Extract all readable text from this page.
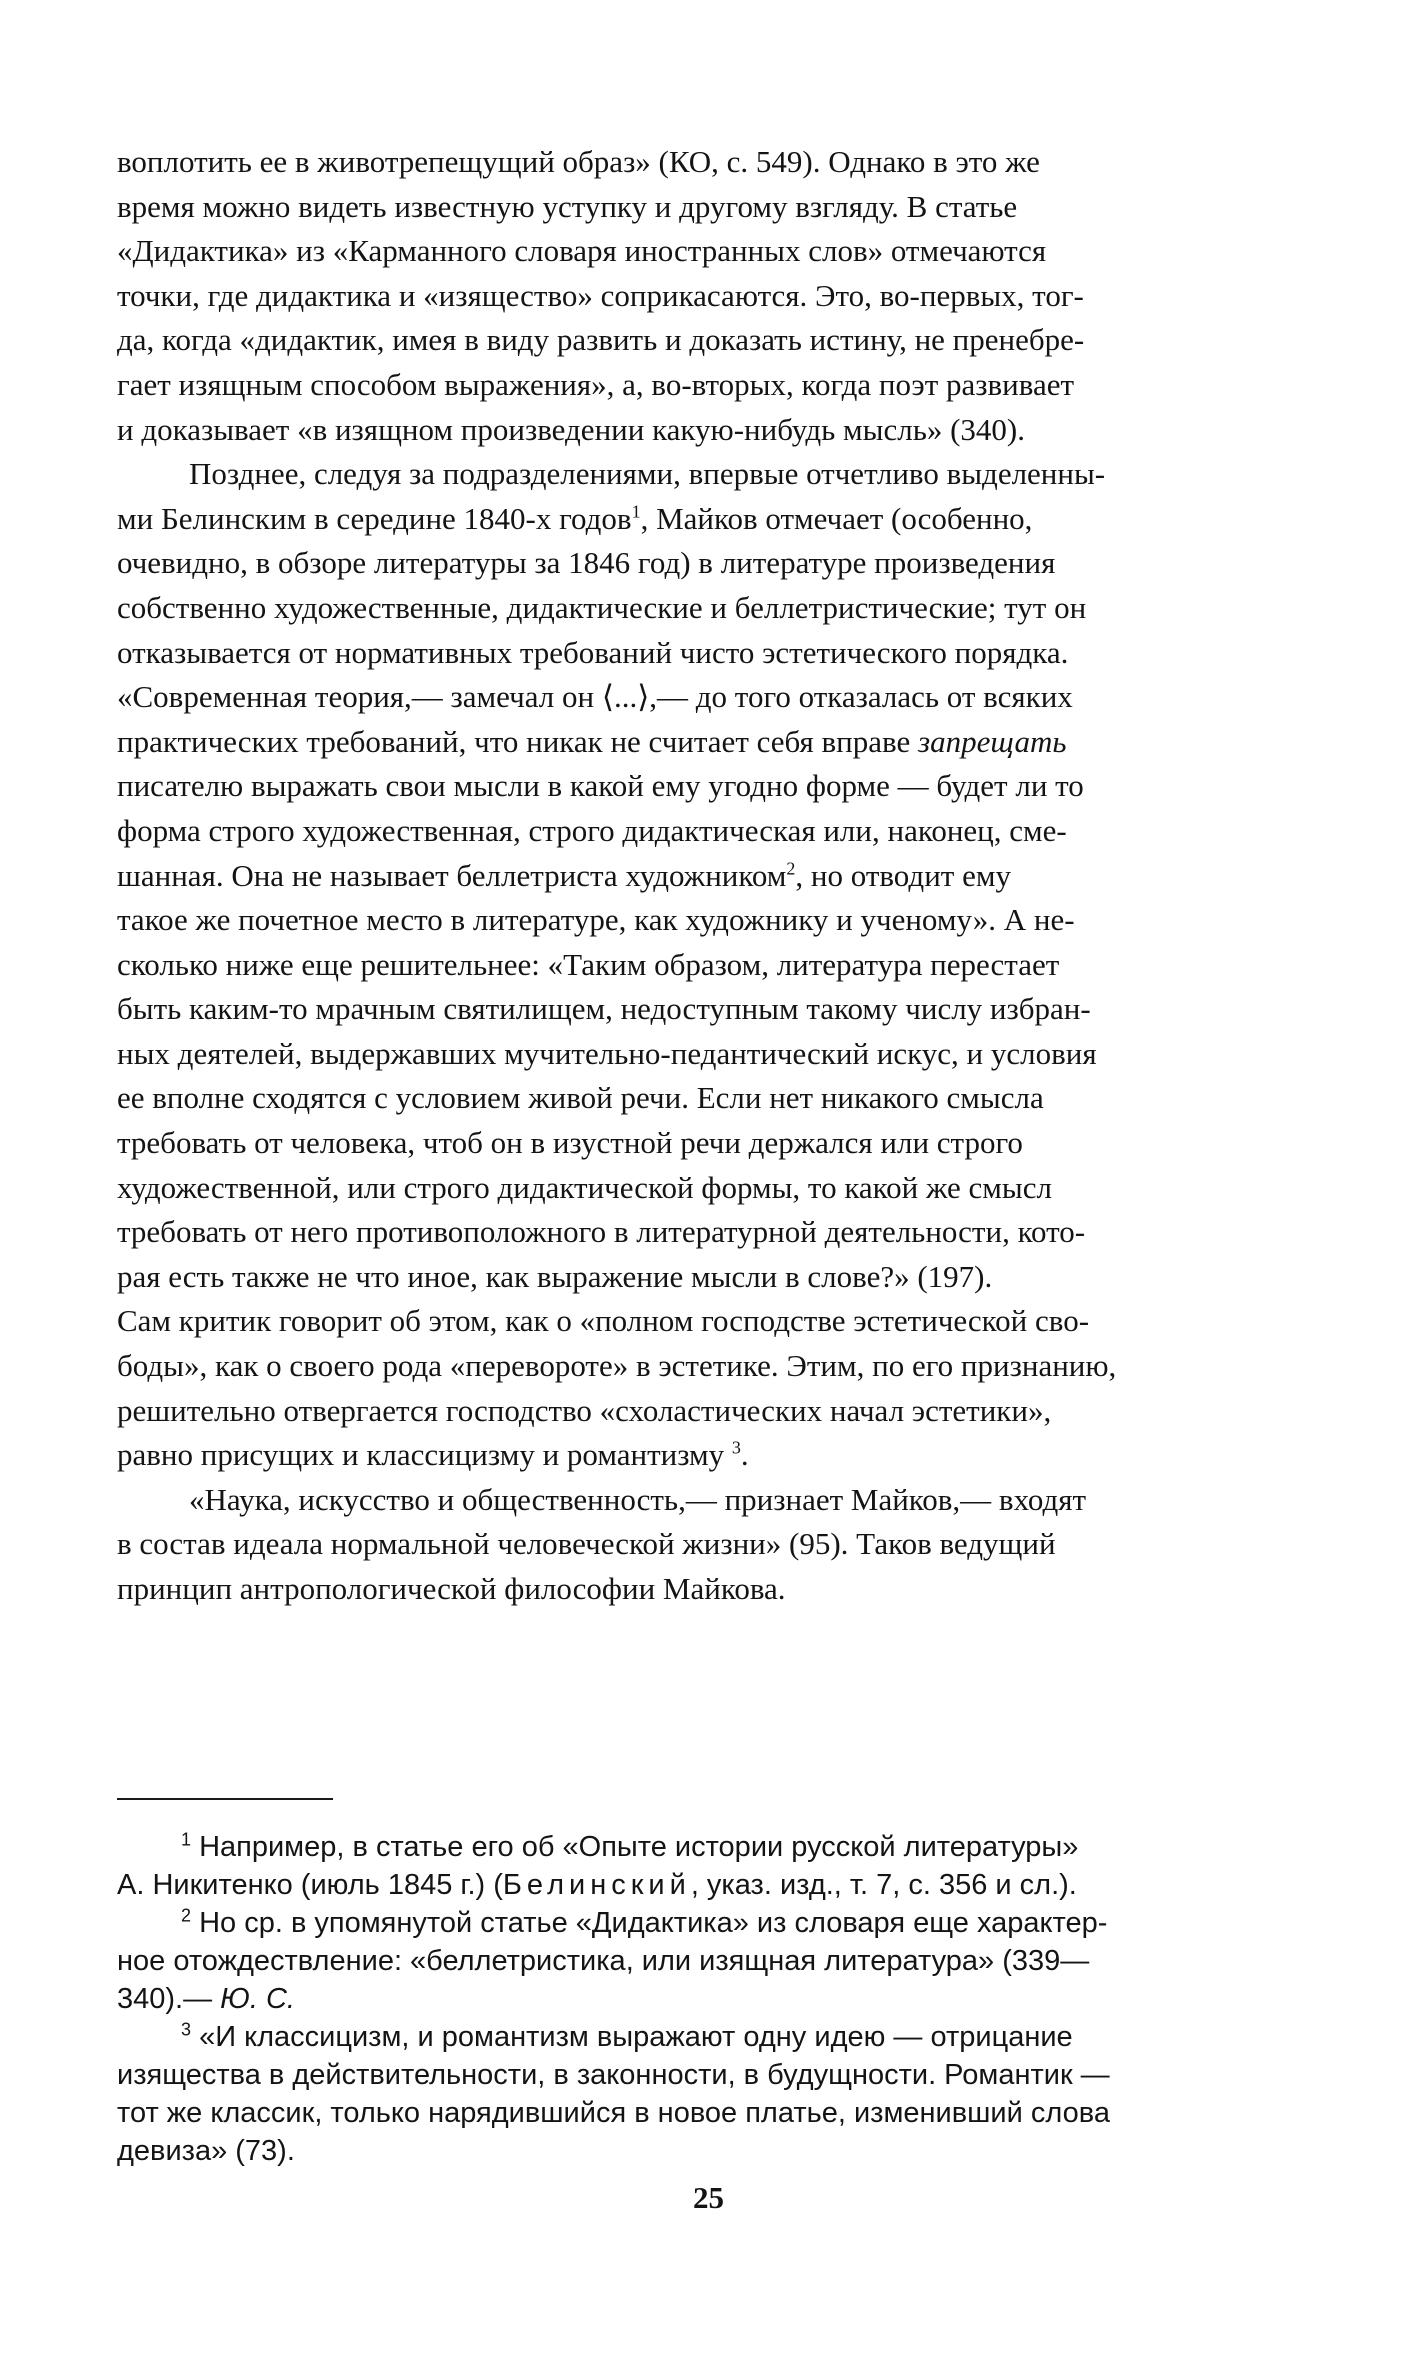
воплотить ее в животрепещущий образ» (КО, с. 549). Однако в это же
время можно видеть известную уступку и другому взгляду. В статье
«Дидактика» из «Карманного словаря иностранных слов» отмечаются
точки, где дидактика и «изящество» соприкасаются. Это, во-первых, тог-
да, когда «дидактик, имея в виду развить и доказать истину, не пренебре-
гает изящным способом выражения», а, во-вторых, когда поэт развивает
и доказывает «в изящном произведении какую-нибудь мысль» (340).

Позднее, следуя за подразделениями, впервые отчетливо выделенны-
ми Белинским в середине 1840-х годов$^1$, Майков отмечает (особенно,
очевидно, в обзоре литературы за 1846 год) в литературе произведения
собственно художественные, дидактические и беллетристические; тут он
отказывается от нормативных требований чисто эстетического порядка.
«Современная теория,— замечал он ⟨...⟩,— до того отказалась от всяких
практических требований, что никак не считает себя вправе запрещать
писателю выражать свои мысли в какой ему угодно форме — будет ли то
форма строго художественная, строго дидактическая или, наконец, сме-
шанная. Она не называет беллетриста художником$^2$, но отводит ему
такое же почетное место в литературе, как художнику и ученому». А не-
сколько ниже еще решительнее: «Таким образом, литература перестает
быть каким-то мрачным святилищем, недоступным такому числу избран-
ных деятелей, выдержавших мучительно-педантический искус, и условия
ее вполне сходятся с условием живой речи. Если нет никакого смысла
требовать от человека, чтоб он в изустной речи держался или строго
художественной, или строго дидактической формы, то какой же смысл
требовать от него противоположного в литературной деятельности, кото-
рая есть также не что иное, как выражение мысли в слове?» (197).
Сам критик говорит об этом, как о «полном господстве эстетической сво-
боды», как о своего рода «перевороте» в эстетике. Этим, по его признанию,
решительно отвергается господство «схоластических начал эстетики»,
равно присущих и классицизму и романтизму $^3$.

«Наука, искусство и общественность,— признает Майков,— входят
в состав идеала нормальной человеческой жизни» (95). Таков ведущий
принцип антропологической философии Майкова.

$^1$ Например, в статье его об «Опыте истории русской литературы»
А. Никитенко (июль 1845 г.) (Белинский, указ. изд., т. 7, с. 356 и сл.).

$^2$ Но ср. в упомянутой статье «Дидактика» из словаря еще характер-
ное отождествление: «беллетристика, или изящная литература» (339—
340).— Ю. С.

$^3$ «И классицизм, и романтизм выражают одну идею — отрицание
изящества в действительности, в законности, в будущности. Романтик —
тот же классик, только нарядившийся в новое платье, изменивший слова
девиза» (73).

25
